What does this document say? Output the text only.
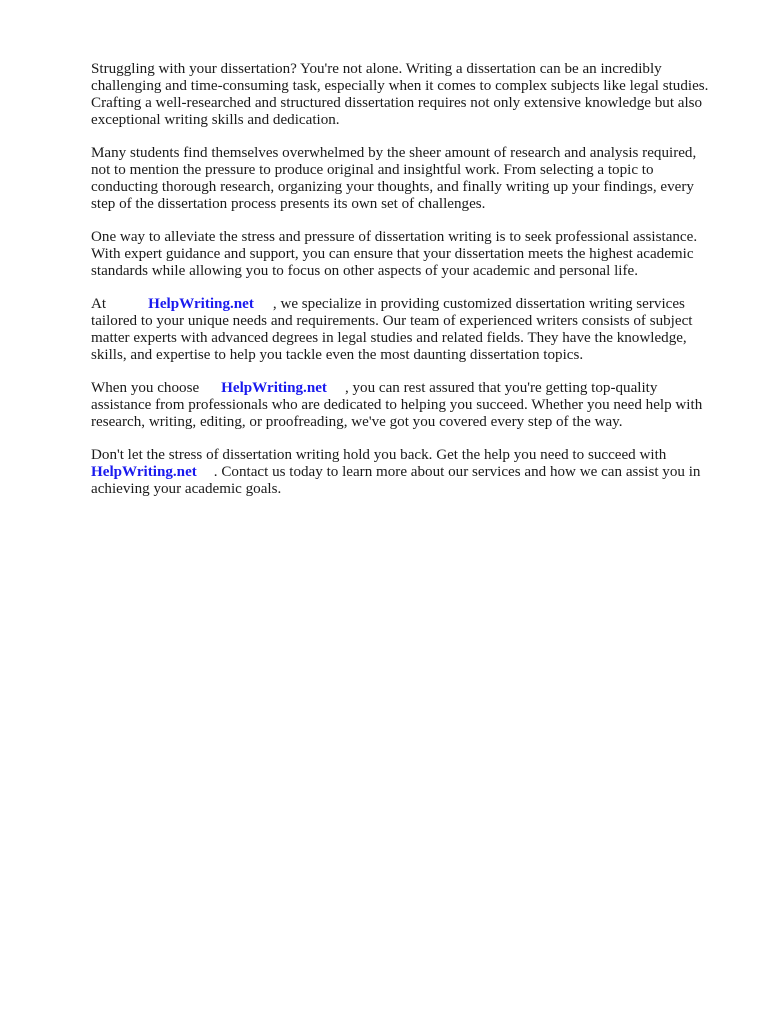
Struggling with your dissertation? You're not alone. Writing a dissertation can be an incredibly
challenging and time-consuming task, especially when it comes to complex subjects like legal studies.
Crafting a well-researched and structured dissertation requires not only extensive knowledge but also
exceptional writing skills and dedication.

Many students find themselves overwhelmed by the sheer amount of research and analysis required,
not to mention the pressure to produce original and insightful work. From selecting a topic to
conducting thorough research, organizing your thoughts, and finally writing up your findings, every
step of the dissertation process presents its own set of challenges.

One way to alleviate the stress and pressure of dissertation writing is to seek professional assistance.
With expert guidance and support, you can ensure that your dissertation meets the highest academic
standards while allowing you to focus on other aspects of your academic and personal life.

At	HelpWriting.net , we specialize in providing customized dissertation writing services
tailored to your unique needs and requirements. Our team of experienced writers consists of subject
matter experts with advanced degrees in legal studies and related fields. They have the knowledge,
skills, and expertise to help you tackle even the most daunting dissertation topics.

When you choose HelpWriting.net , you can rest assured that you're getting top-quality
assistance from professionals who are dedicated to helping you succeed. Whether you need help with
research, writing, editing, or proofreading, we've got you covered every step of the way.

Don't let the stress of dissertation writing hold you back. Get the help you need to succeed with
HelpWriting.net . Contact us today to learn more about our services and how we can assist you in
achieving your academic goals.
